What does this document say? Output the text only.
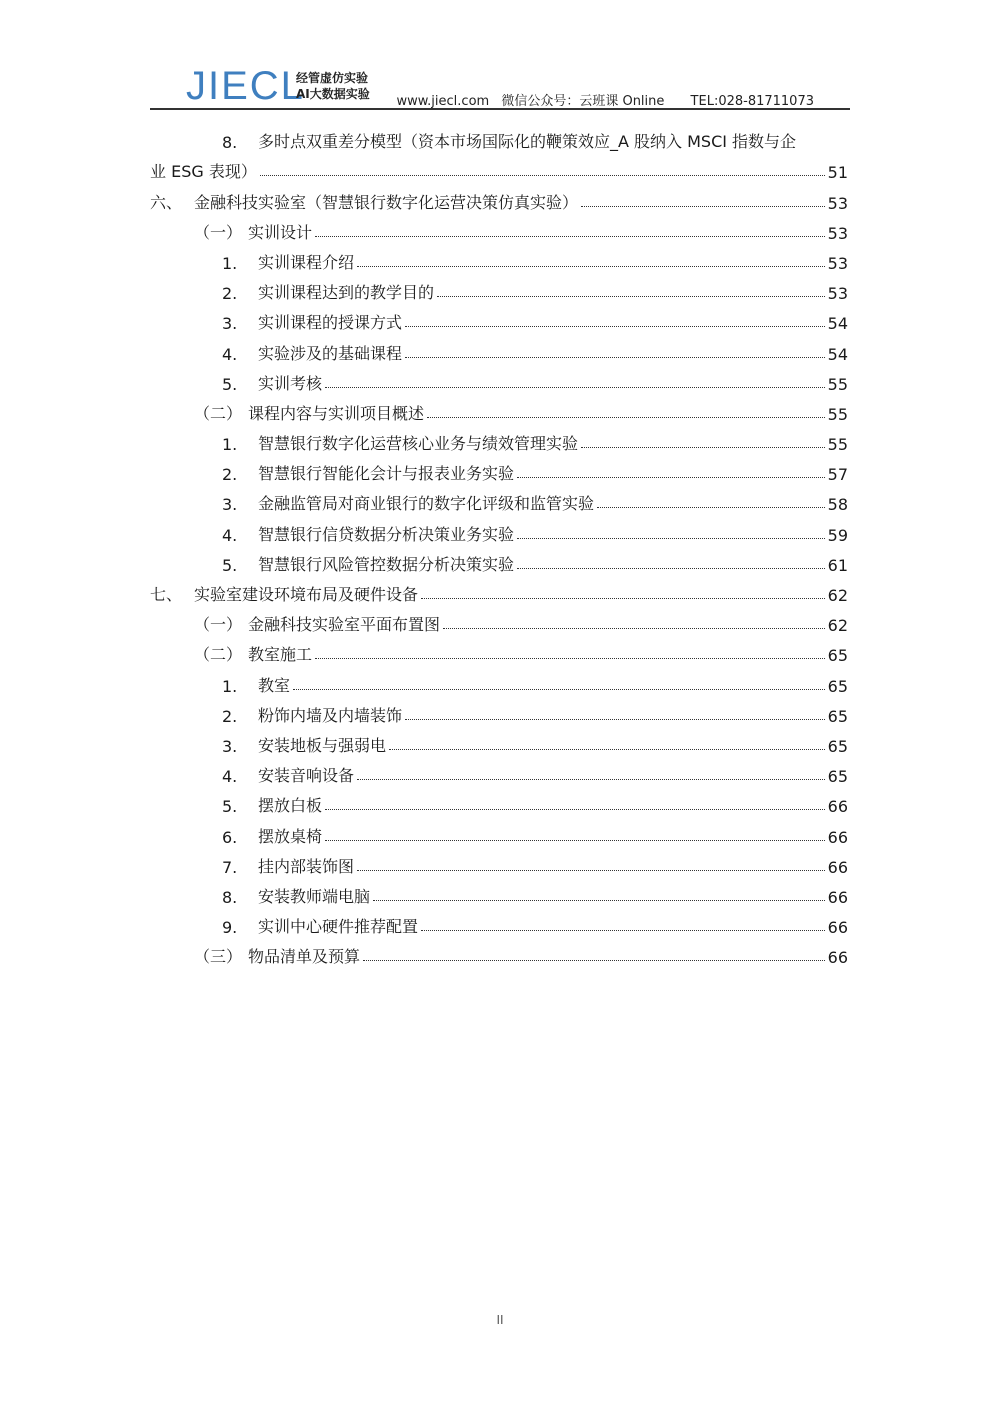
JIECL
经管虚仿实验
AI大数据实验	www.jiecl.com 微信公众号：云班课 Online TEL:028-81711073
8.	多时点双重差分模型（资本市场国际化的鞭策效应_A 股纳入 MSCI 指数与企
业 ESG 表现）	51
六、 金融科技实验室（智慧银行数字化运营决策仿真实验）	53
（一） 实训设计	53
1.	实训课程介绍	53
2.	实训课程达到的教学目的	53
3.	实训课程的授课方式	54
4.	实验涉及的基础课程	54
5.	实训考核	55
（二） 课程内容与实训项目概述	55
1.	智慧银行数字化运营核心业务与绩效管理实验	55
2.	智慧银行智能化会计与报表业务实验	57
3.	金融监管局对商业银行的数字化评级和监管实验	58
4.	智慧银行信贷数据分析决策业务实验	59
5.	智慧银行风险管控数据分析决策实验	61
七、 实验室建设环境布局及硬件设备	62
（一） 金融科技实验室平面布置图	62
（二） 教室施工	65
1.	教室	65
2.	粉饰内墙及内墙装饰	65
3.	安装地板与强弱电	65
4.	安装音响设备	65
5.	摆放白板	66
6.	摆放桌椅	66
7.	挂内部装饰图	66
8.	安装教师端电脑	66
9.	实训中心硬件推荐配置	66
（三） 物品清单及预算	66
II
